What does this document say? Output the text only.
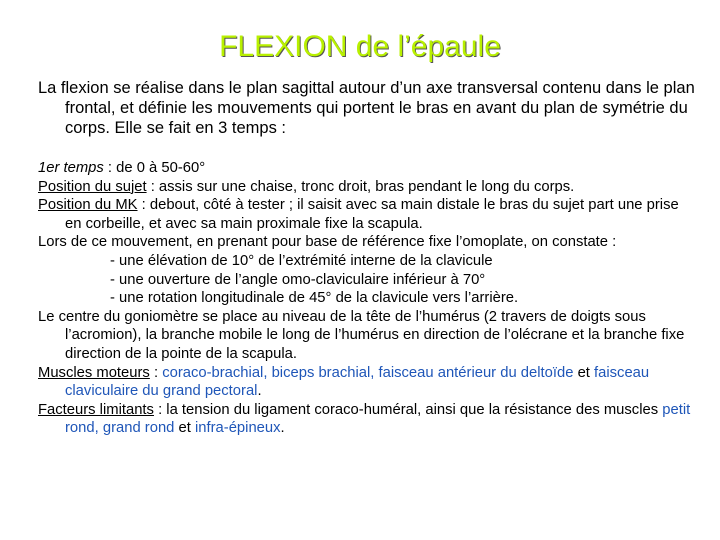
FLEXION de l’épaule

La flexion se réalise dans le plan sagittal autour d’un axe transversal contenu dans le plan frontal, et définie les mouvements qui portent le bras en avant du plan de symétrie du corps. Elle se fait en 3 temps :

1er temps : de 0 à 50-60°

Position du sujet : assis sur une chaise, tronc droit, bras pendant le long du corps.

Position du MK : debout, côté à tester ; il saisit avec sa main distale le bras du sujet part une prise en corbeille, et avec sa main proximale fixe la scapula.

Lors de ce mouvement, en prenant pour base de référence fixe l’omoplate, on constate :

- une élévation de 10° de l’extrémité interne de la clavicule

- une ouverture de l’angle omo-claviculaire inférieur à 70°

- une rotation longitudinale de 45° de la clavicule vers l’arrière.

Le centre du goniomètre se place au niveau de la tête de l’humérus (2 travers de doigts sous l’acromion), la branche mobile le long de l’humérus en direction de l’olécrane et la branche fixe direction de la pointe de la scapula.

Muscles moteurs : coraco-brachial, biceps brachial, faisceau antérieur du deltoïde et faisceau claviculaire du grand pectoral.

Facteurs limitants : la tension du ligament coraco-huméral, ainsi que la résistance des muscles petit rond, grand rond et infra-épineux.
